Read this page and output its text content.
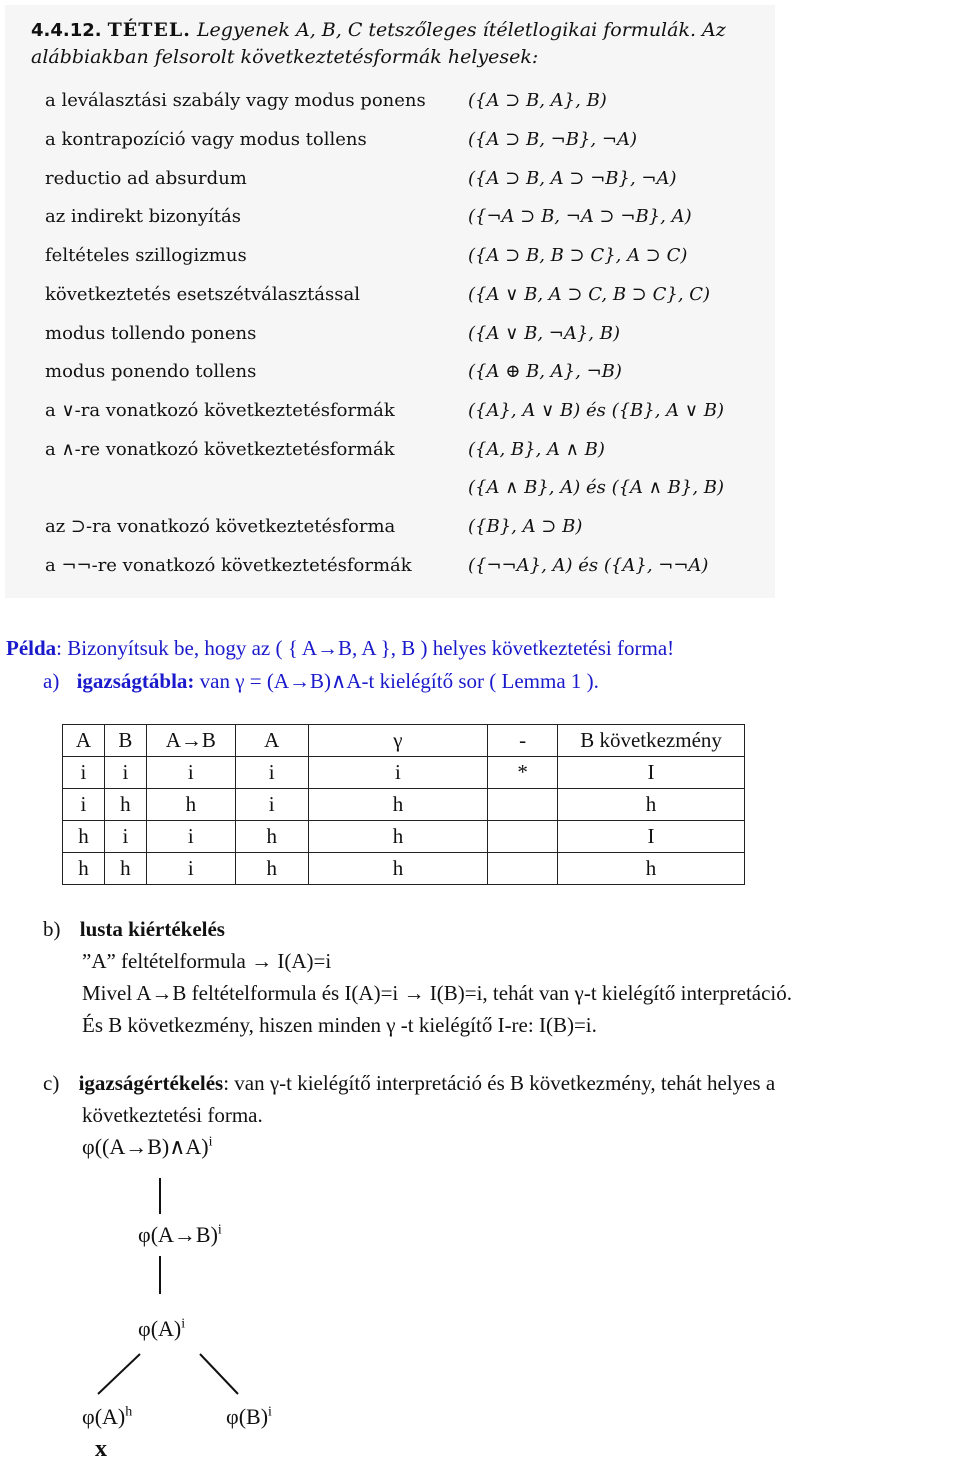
4.4.12. TÉTEL. Legyenek A, B, C tetszőleges ítéletlogikai formulák. Az alábbiakban felsorolt következtetésformák helyesek:
a leválasztási szabály vagy modus ponens ({A ⊃ B, A}, B)
a kontrapozíció vagy modus tollens	({A ⊃ B, ¬B}, ¬A)
reductio ad absurdum	({A ⊃ B, A ⊃ ¬B}, ¬A)
az indirekt bizonyítás	({¬A ⊃ B, ¬A ⊃ ¬B}, A)
feltételes szillogizmus	({A ⊃ B, B ⊃ C}, A ⊃ C)
következtetés esetszétválasztással	({A ∨ B, A ⊃ C, B ⊃ C}, C)
modus tollendo ponens	({A ∨ B, ¬A}, B)
modus ponendo tollens	({A ⊕ B, A}, ¬B)
a ∨-ra vonatkozó következtetésformák	({A}, A ∨ B) és ({B}, A ∨ B)
a ∧-re vonatkozó következtetésformák	({A, B}, A ∧ B)
({A ∧ B}, A) és ({A ∧ B}, B)
az ⊃-ra vonatkozó következtetésforma	({B}, A ⊃ B)
a ¬¬-re vonatkozó következtetésformák	({¬¬A}, A) és ({A}, ¬¬A)
Példa: Bizonyítsuk be, hogy az ( { A→B, A }, B ) helyes következtetési forma!
a) igazságtábla: van γ = (A→B)∧A-t kielégítő sor ( Lemma 1 ).
A	B	A→B	A	γ	-	B következmény
i	i	i	i	i	*	I
i	h	h	i	h		h
h	i	i	h	h		I
h	h	i	h	h		h
b) lusta kiértékelés
”A” feltételformula → I(A)=i
Mivel A→B feltételformula és I(A)=i → I(B)=i, tehát van γ-t kielégítő interpretáció.
És B következmény, hiszen minden γ -t kielégítő I-re: I(B)=i.
c) igazságértékelés: van γ-t kielégítő interpretáció és B következmény, tehát helyes a
következtetési forma.
φ((A→B)∧A)$^i$
$\varphi(A\to B)^i$
$\varphi(A)^i$
$\varphi(A)^h$	$\varphi(B)^i$
x
